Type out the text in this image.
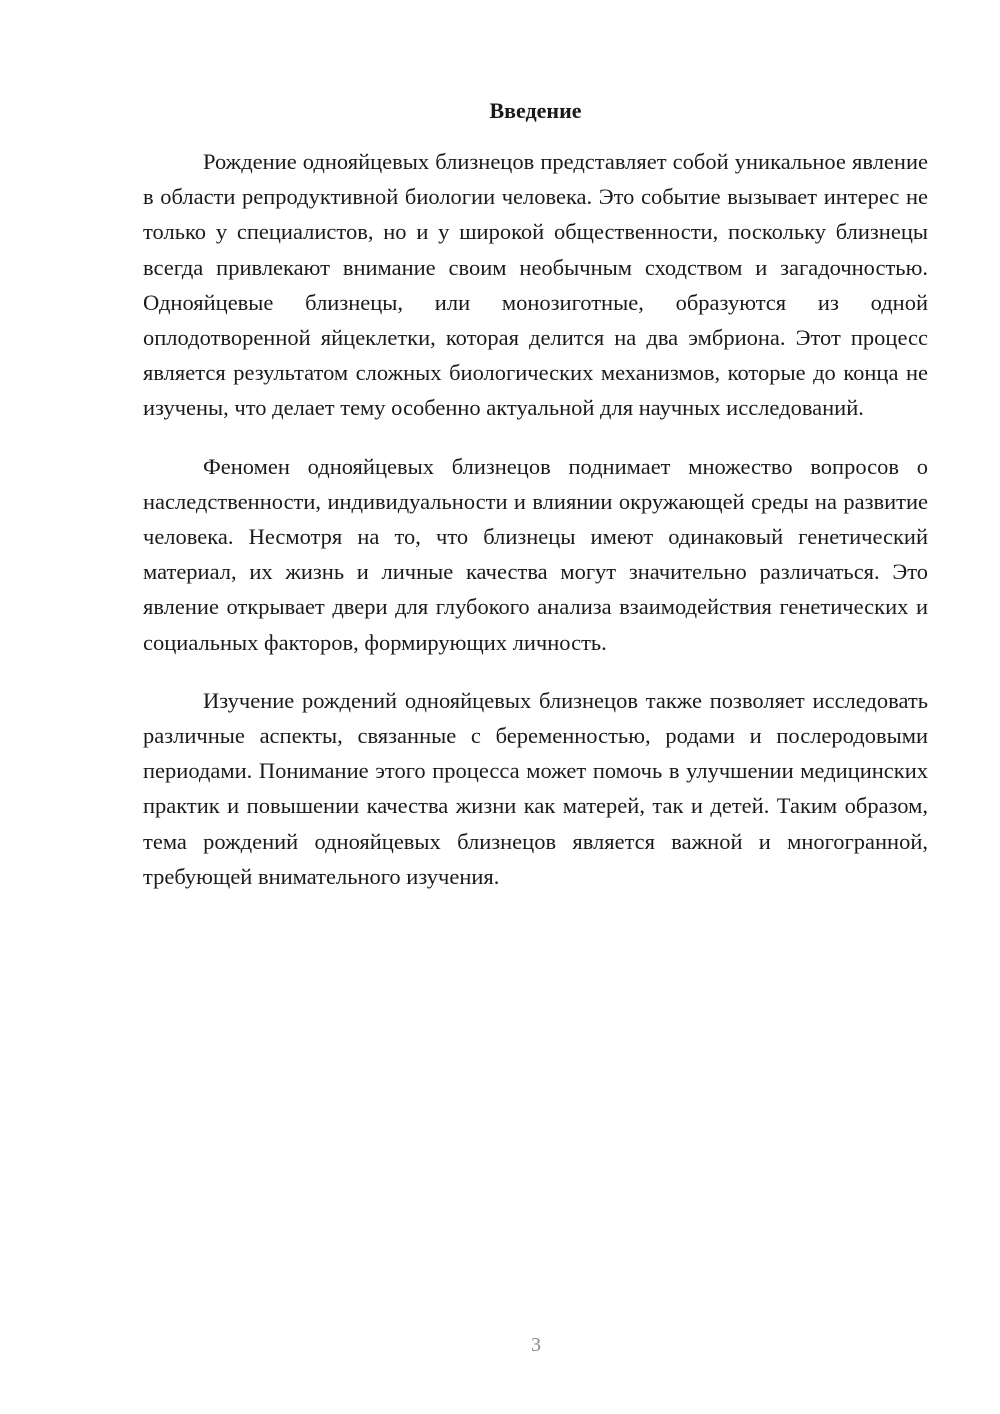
Введение

Рождение однояйцевых близнецов представляет собой уникальное явление в области репродуктивной биологии человека. Это событие вызывает интерес не только у специалистов, но и у широкой общественности, поскольку близнецы всегда привлекают внимание своим необычным сходством и загадочностью. Однояйцевые близнецы, или монозиготные, образуются из одной оплодотворенной яйцеклетки, которая делится на два эмбриона. Этот процесс является результатом сложных биологических механизмов, которые до конца не изучены, что делает тему особенно актуальной для научных исследований.

Феномен однояйцевых близнецов поднимает множество вопросов о наследственности, индивидуальности и влиянии окружающей среды на развитие человека. Несмотря на то, что близнецы имеют одинаковый генетический материал, их жизнь и личные качества могут значительно различаться. Это явление открывает двери для глубокого анализа взаимодействия генетических и социальных факторов, формирующих личность.

Изучение рождений однояйцевых близнецов также позволяет исследовать различные аспекты, связанные с беременностью, родами и послеродовыми периодами. Понимание этого процесса может помочь в улучшении медицинских практик и повышении качества жизни как матерей, так и детей. Таким образом, тема рождений однояйцевых близнецов является важной и многогранной, требующей внимательного изучения.

3
